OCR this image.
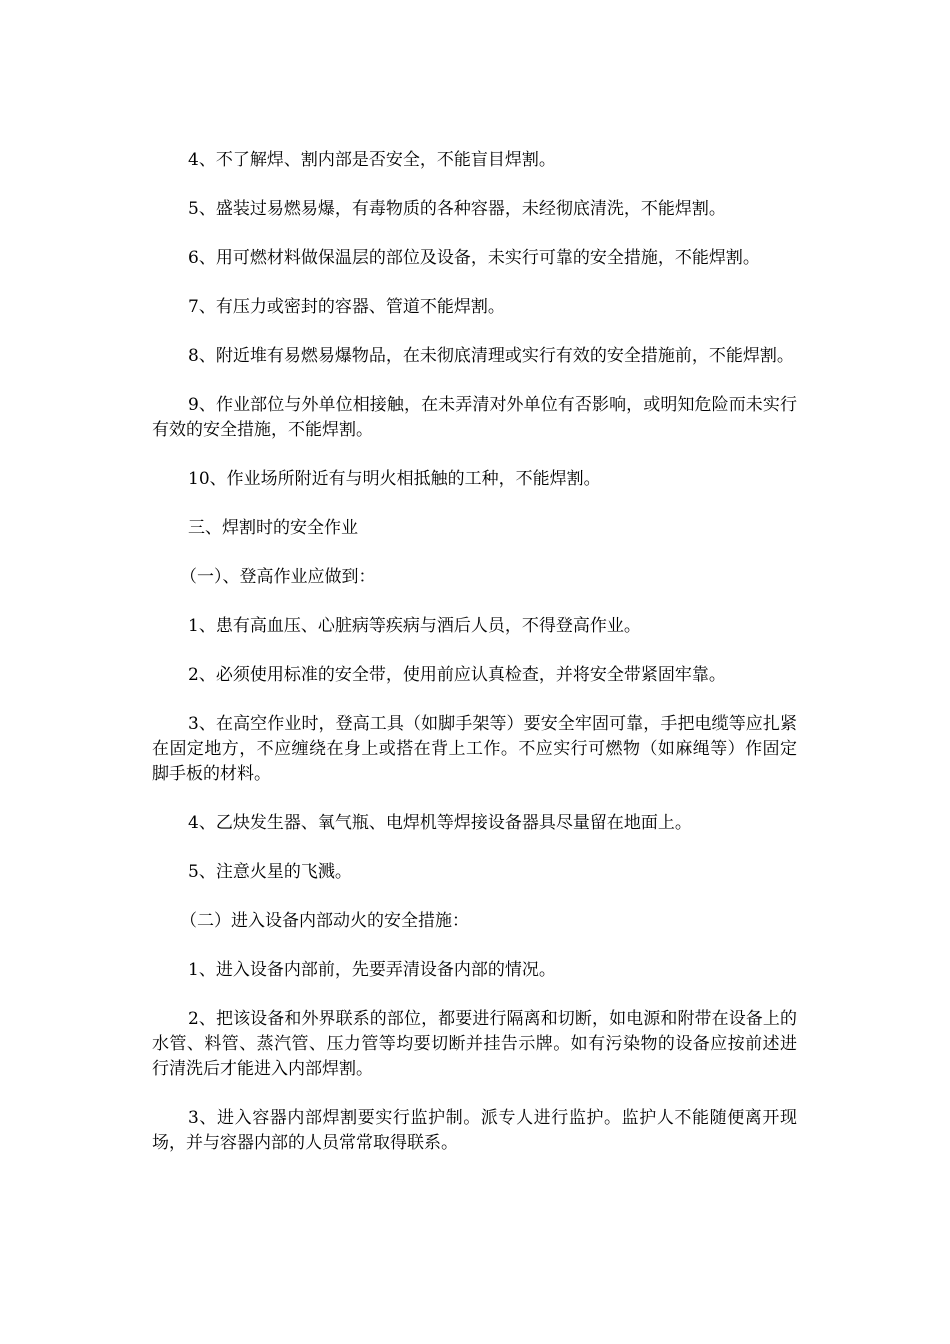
4、不了解焊、割内部是否安全，不能盲目焊割。

5、盛装过易燃易爆，有毒物质的各种容器，未经彻底清洗，不能焊割。

6、用可燃材料做保温层的部位及设备，未实行可靠的安全措施，不能焊割。

7、有压力或密封的容器、管道不能焊割。

8、附近堆有易燃易爆物品，在未彻底清理或实行有效的安全措施前，不能焊割。

9、作业部位与外单位相接触，在未弄清对外单位有否影响，或明知危险而未实行有效的安全措施，不能焊割。

10、作业场所附近有与明火相抵触的工种，不能焊割。

三、焊割时的安全作业

（一）、登高作业应做到：

1、患有高血压、心脏病等疾病与酒后人员，不得登高作业。

2、必须使用标准的安全带，使用前应认真检查，并将安全带紧固牢靠。

3、在高空作业时，登高工具（如脚手架等）要安全牢固可靠，手把电缆等应扎紧在固定地方，不应缠绕在身上或搭在背上工作。不应实行可燃物（如麻绳等）作固定脚手板的材料。

4、乙炔发生器、氧气瓶、电焊机等焊接设备器具尽量留在地面上。

5、注意火星的飞溅。

（二）进入设备内部动火的安全措施：

1、进入设备内部前，先要弄清设备内部的情况。

2、把该设备和外界联系的部位，都要进行隔离和切断，如电源和附带在设备上的水管、料管、蒸汽管、压力管等均要切断并挂告示牌。如有污染物的设备应按前述进行清洗后才能进入内部焊割。

3、进入容器内部焊割要实行监护制。派专人进行监护。监护人不能随便离开现场，并与容器内部的人员常常取得联系。
